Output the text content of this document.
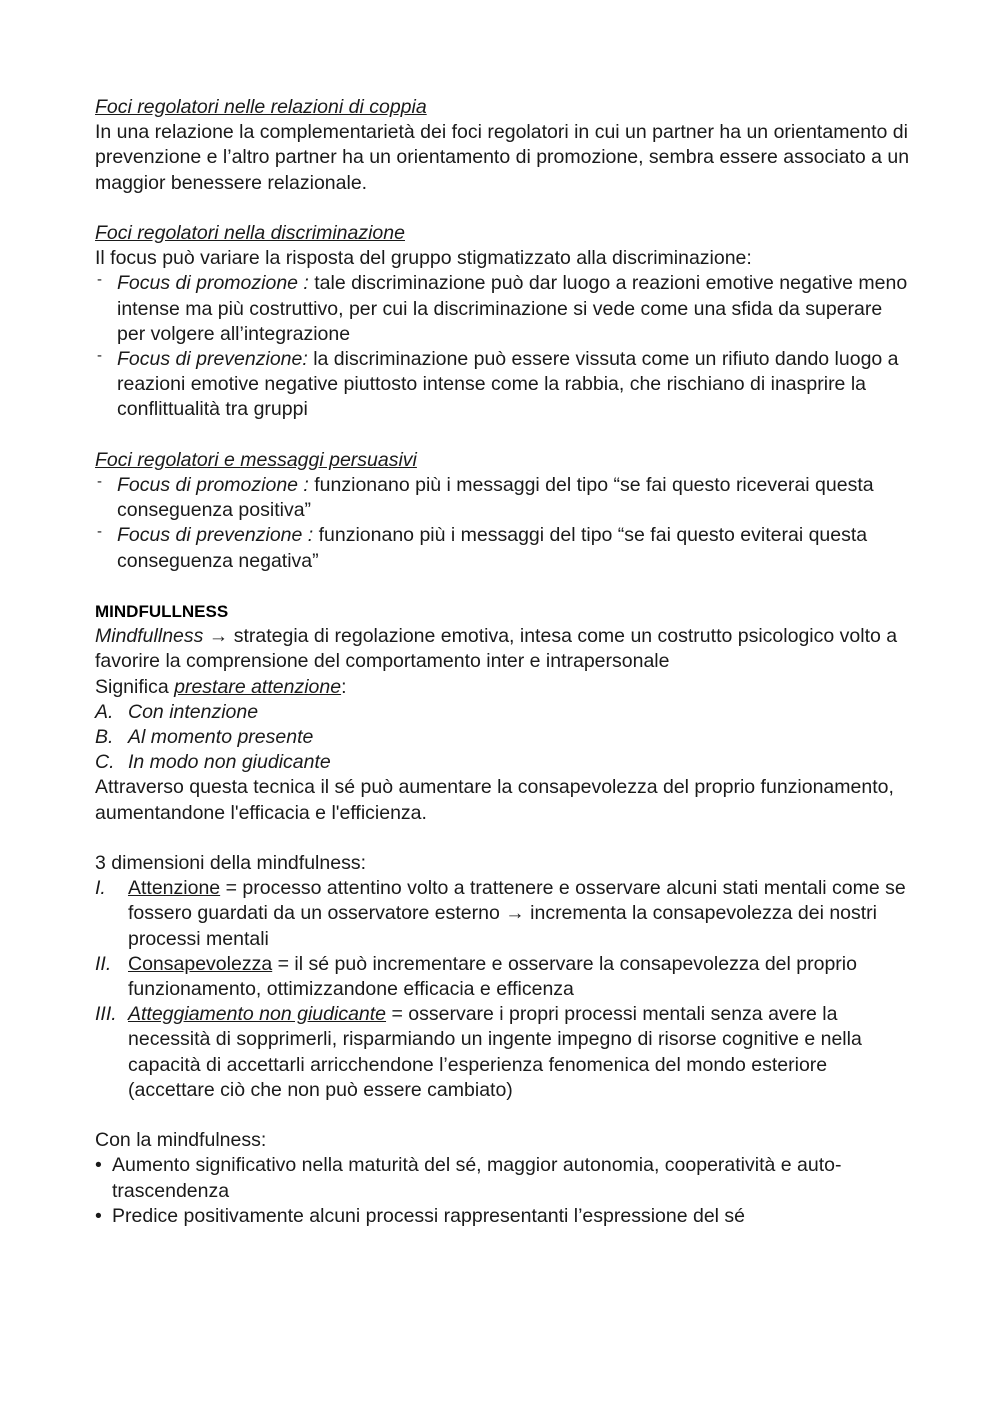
Foci regolatori nelle relazioni di coppia
In una relazione la complementarietà dei foci regolatori in cui un partner ha un orientamento di prevenzione e l’altro partner ha un orientamento di promozione, sembra essere associato a un maggior benessere relazionale.
Foci regolatori nella discriminazione
Il focus può variare la risposta del gruppo stigmatizzato alla discriminazione:
- Focus di promozione : tale discriminazione può dar luogo a reazioni emotive negative meno intense ma più costruttivo, per cui la discriminazione si vede come una sfida da superare per volgere all’integrazione
- Focus di prevenzione: la discriminazione può essere vissuta come un rifiuto dando luogo a reazioni emotive negative piuttosto intense come la rabbia, che rischiano di inasprire la conflittualità tra gruppi
Foci regolatori e messaggi persuasivi
- Focus di promozione : funzionano più i messaggi del tipo “se fai questo riceverai questa conseguenza positiva”
- Focus di prevenzione : funzionano più i messaggi del tipo “se fai questo eviterai questa conseguenza negativa”
MINDFULLNESS
Mindfullness → strategia di regolazione emotiva, intesa come un costrutto psicologico volto a favorire la comprensione del comportamento inter e intrapersonale
Significa prestare attenzione:
A. Con intenzione
B. Al momento presente
C. In modo non giudicante
Attraverso questa tecnica il sé può aumentare la consapevolezza del proprio funzionamento, aumentandone l'efficacia e l'efficienza.
3 dimensioni della mindfulness:
I. Attenzione = processo attentino volto a trattenere e osservare alcuni stati mentali come se fossero guardati da un osservatore esterno → incrementa la consapevolezza dei nostri processi mentali
II. Consapevolezza = il sé può incrementare e osservare la consapevolezza del proprio funzionamento, ottimizzandone efficacia e efficenza
III. Atteggiamento non giudicante = osservare i propri processi mentali senza avere la necessità di sopprimerli, risparmiando un ingente impegno di risorse cognitive e nella capacità di accettarli arricchendone l’esperienza fenomenica del mondo esteriore (accettare ciò che non può essere cambiato)
Con la mindfulness:
• Aumento significativo nella maturità del sé, maggior autonomia, cooperatività e auto-trascendenza
• Predice positivamente alcuni processi rappresentanti l’espressione del sé
